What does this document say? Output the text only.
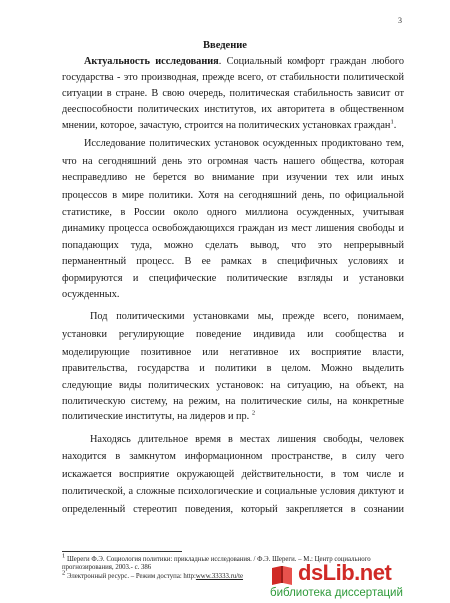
3
Введение
Актуальность исследования. Социальный комфорт граждан любого
государства - это производная, прежде всего, от стабильности политической
ситуации в стране. В свою очередь, политическая стабильность зависит от
дееспособности политических институтов, их авторитета в общественном
мнении, которое, зачастую, строится на политических установках граждан$^1$.
Исследование политических установок осужденных продиктовано тем,
что на сегодняшний день это огромная часть нашего общества, которая
несправедливо не берется во внимание при изучении тех или иных
процессов в мире политики. Хотя на сегодняшний день, по официальной
статистике, в России около одного миллиона осужденных, учитывая
динамику процесса освобождающихся граждан из мест лишения свободы и
попадающих туда, можно сделать вывод, что это непрерывный
перманентный процесс. В ее рамках в специфичных условиях и
формируются и специфические политические взгляды и установки
осужденных.
Под политическими установками мы, прежде всего, понимаем,
установки регулирующие поведение индивида или сообщества и
моделирующие позитивное или негативное их восприятие власти,
правительства, государства и политики в целом. Можно выделить
следующие виды политических установок: на ситуацию, на объект, на
политическую систему, на режим, на политические силы, на конкретные
политические институты, на лидеров и пр. $^2$
Находясь длительное время в местах лишения свободы, человек
находится в замкнутом информационном пространстве, в силу чего
искажается восприятие окружающей действительности, в том числе и
политической, а сложные психологические и социальные условия диктуют и
определенный стереотип поведения, который закрепляется в сознании
$^1$ Шереги Ф.Э. Социология политики: прикладные исследования. / Ф.Э. Шереги. – М.: Центр социального
прогнозирования, 2003.- с. 386
$^2$ Электронный ресурс. – Режим доступа: http:www.33333.ru/te dsLib.net
библиотека диссертаций
